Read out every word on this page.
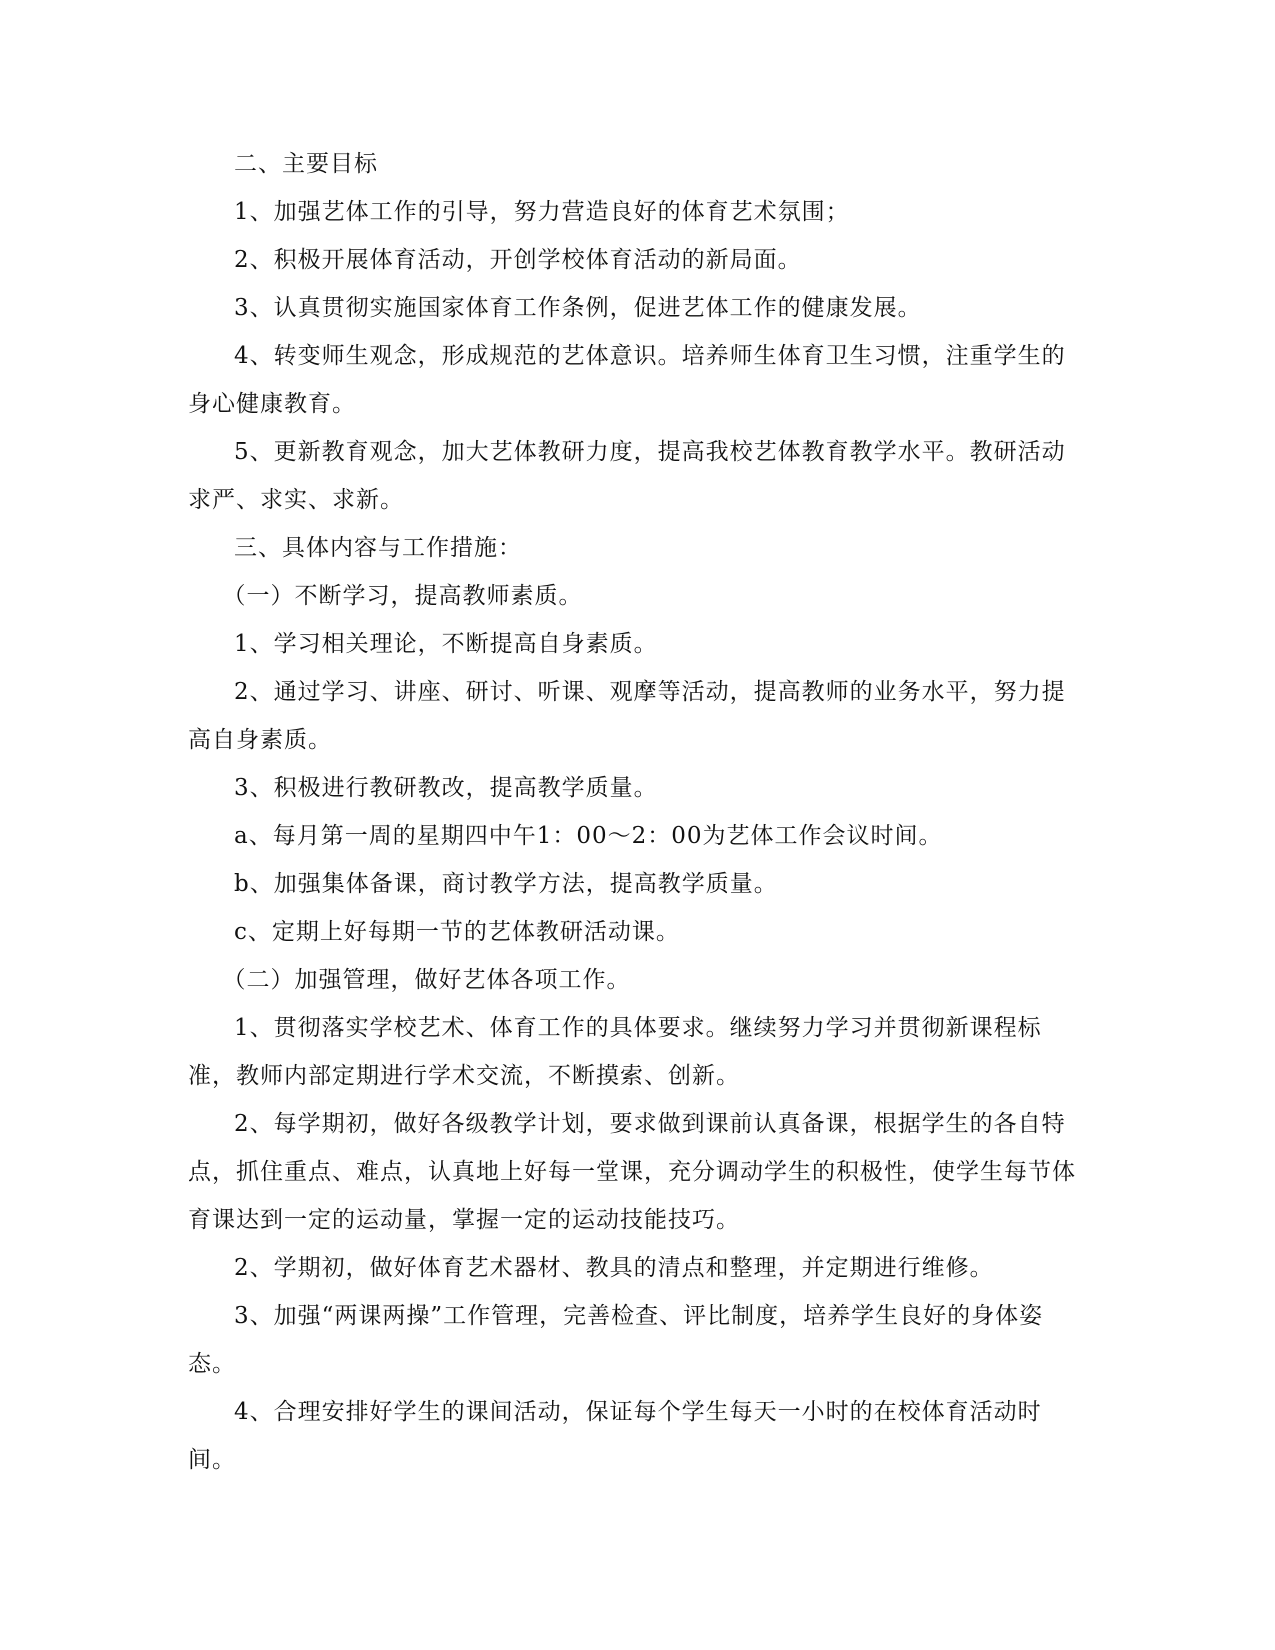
二、主要目标

1、加强艺体工作的引导，努力营造良好的体育艺术氛围；

2、积极开展体育活动，开创学校体育活动的新局面。

3、认真贯彻实施国家体育工作条例，促进艺体工作的健康发展。

4、转变师生观念，形成规范的艺体意识。培养师生体育卫生习惯，注重学生的身心健康教育。

5、更新教育观念，加大艺体教研力度，提高我校艺体教育教学水平。教研活动求严、求实、求新。

三、具体内容与工作措施：

（一）不断学习，提高教师素质。

1、学习相关理论，不断提高自身素质。

2、通过学习、讲座、研讨、听课、观摩等活动，提高教师的业务水平，努力提高自身素质。

3、积极进行教研教改，提高教学质量。

a、每月第一周的星期四中午1：00～2：00为艺体工作会议时间。

b、加强集体备课，商讨教学方法，提高教学质量。

c、定期上好每期一节的艺体教研活动课。

（二）加强管理，做好艺体各项工作。

1、贯彻落实学校艺术、体育工作的具体要求。继续努力学习并贯彻新课程标准，教师内部定期进行学术交流，不断摸索、创新。

2、每学期初，做好各级教学计划，要求做到课前认真备课，根据学生的各自特点，抓住重点、难点，认真地上好每一堂课，充分调动学生的积极性，使学生每节体育课达到一定的运动量，掌握一定的运动技能技巧。

2、学期初，做好体育艺术器材、教具的清点和整理，并定期进行维修。

3、加强“两课两操”工作管理，完善检查、评比制度，培养学生良好的身体姿态。

4、合理安排好学生的课间活动，保证每个学生每天一小时的在校体育活动时间。
